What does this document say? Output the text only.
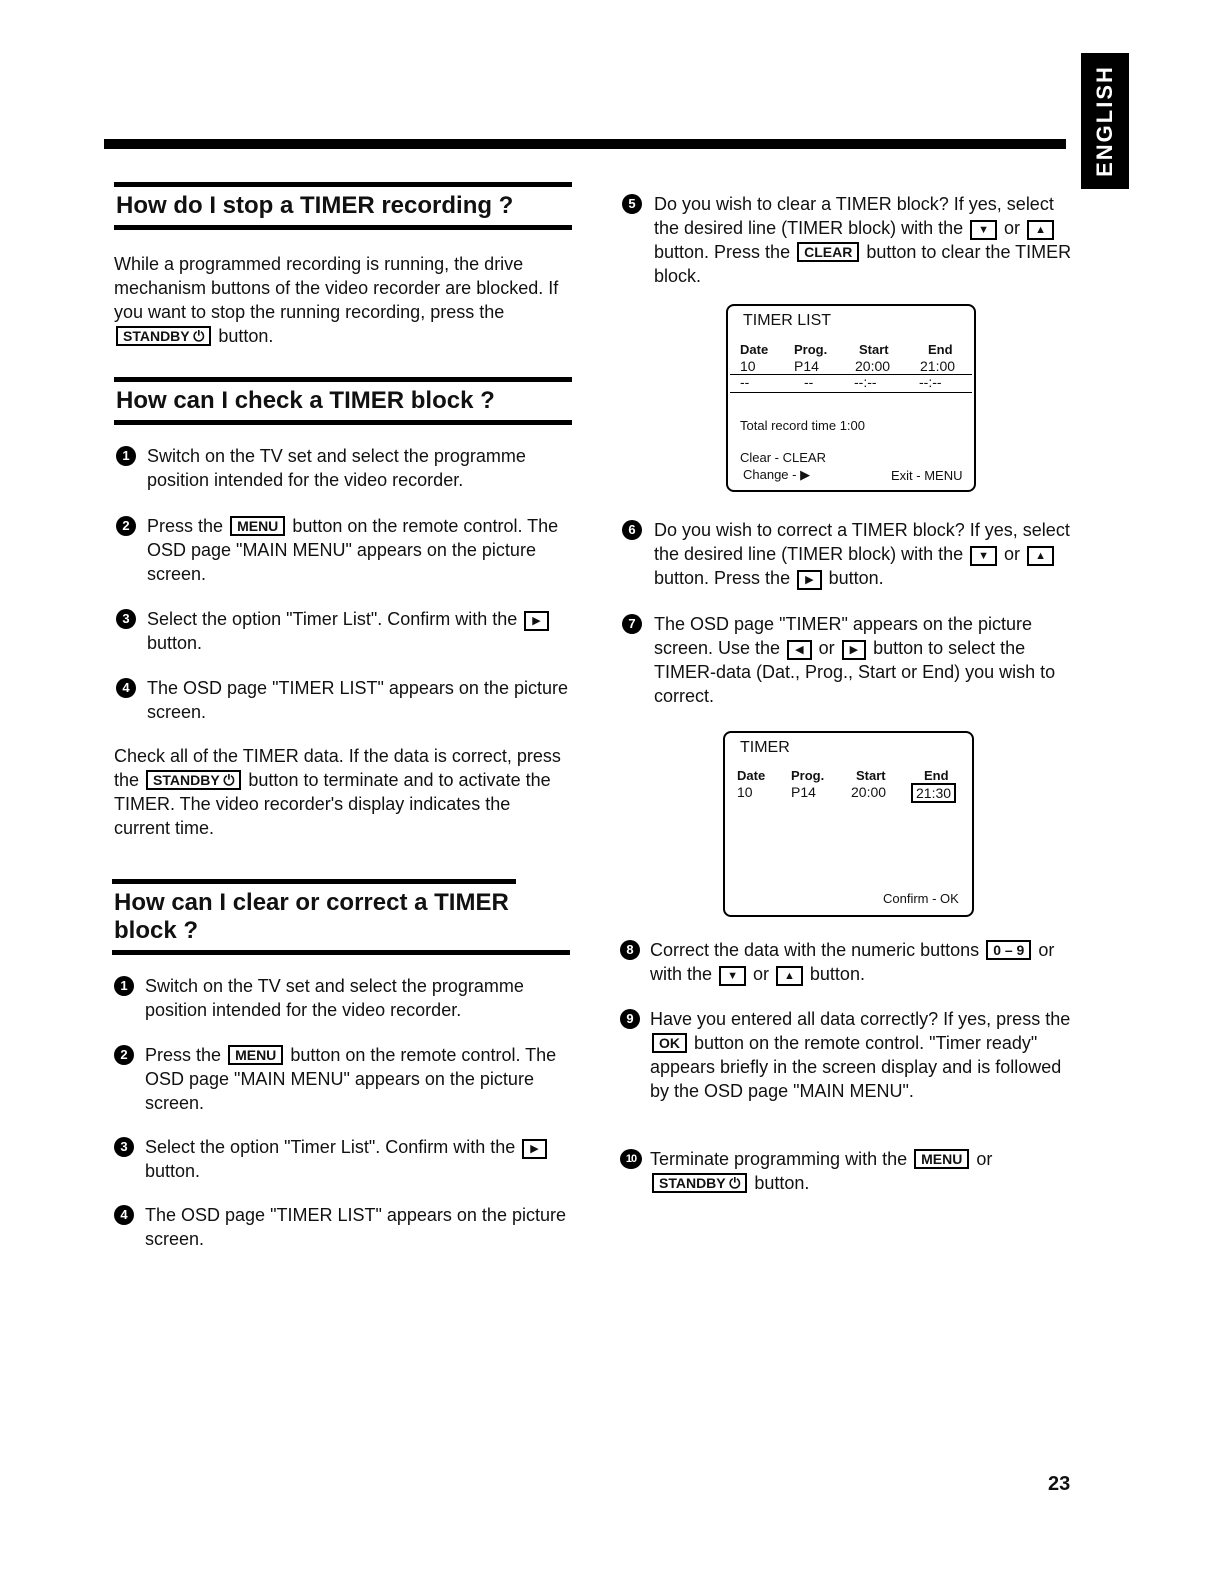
ENGLISH
How do I stop a TIMER recording ?

While a programmed recording is running, the drive mechanism buttons of the video recorder are blocked. If you want to stop the running recording, press the STANDBY ⏻ button.

How can I check a TIMER block ?
1 Switch on the TV set and select the programme position intended for the video recorder.
2 Press the MENU button on the remote control. The OSD page "MAIN MENU" appears on the picture screen.
3 Select the option "Timer List". Confirm with the ▶ button.
4 The OSD page "TIMER LIST" appears on the picture screen.

Check all of the TIMER data. If the data is correct, press the STANDBY ⏻ button to terminate and to activate the TIMER. The video recorder's display indicates the current time.

How can I clear or correct a TIMER block ?
1 Switch on the TV set and select the programme position intended for the video recorder.
2 Press the MENU button on the remote control. The OSD page "MAIN MENU" appears on the picture screen.
3 Select the option "Timer List". Confirm with the ▶ button.
4 The OSD page "TIMER LIST" appears on the picture screen.
5	Do you wish to clear a TIMER block? If yes, select the desired line (TIMER block) with the ▼ or ▲ button. Press the CLEAR button to clear the TIMER block.
TIMER LIST
Date Prog. Start	End
10	P14	20:00 21:00
--	--	--:--	--:--
Total record time 1:00
Clear - CLEAR
Change - ▶	Exit - MENU
6	Do you wish to correct a TIMER block? If yes, select the desired line (TIMER block) with the ▼ or ▲ button. Press the ▶ button.
7	The OSD page "TIMER" appears on the picture screen. Use the ◀ or ▶ button to select the TIMER-data (Dat., Prog., Start or End) you wish to correct.
TIMER
Date Prog. Start	End
10	P14	20:00	21:30
Confirm - OK
8 Correct the data with the numeric buttons 0 – 9 or with the ▼ or ▲ button.
9 Have you entered all data correctly? If yes, press the OK button on the remote control. "Timer ready" appears briefly in the screen display and is followed by the OSD page "MAIN MENU".
10 Terminate programming with the MENU or STANDBY ⏻ button.
23
